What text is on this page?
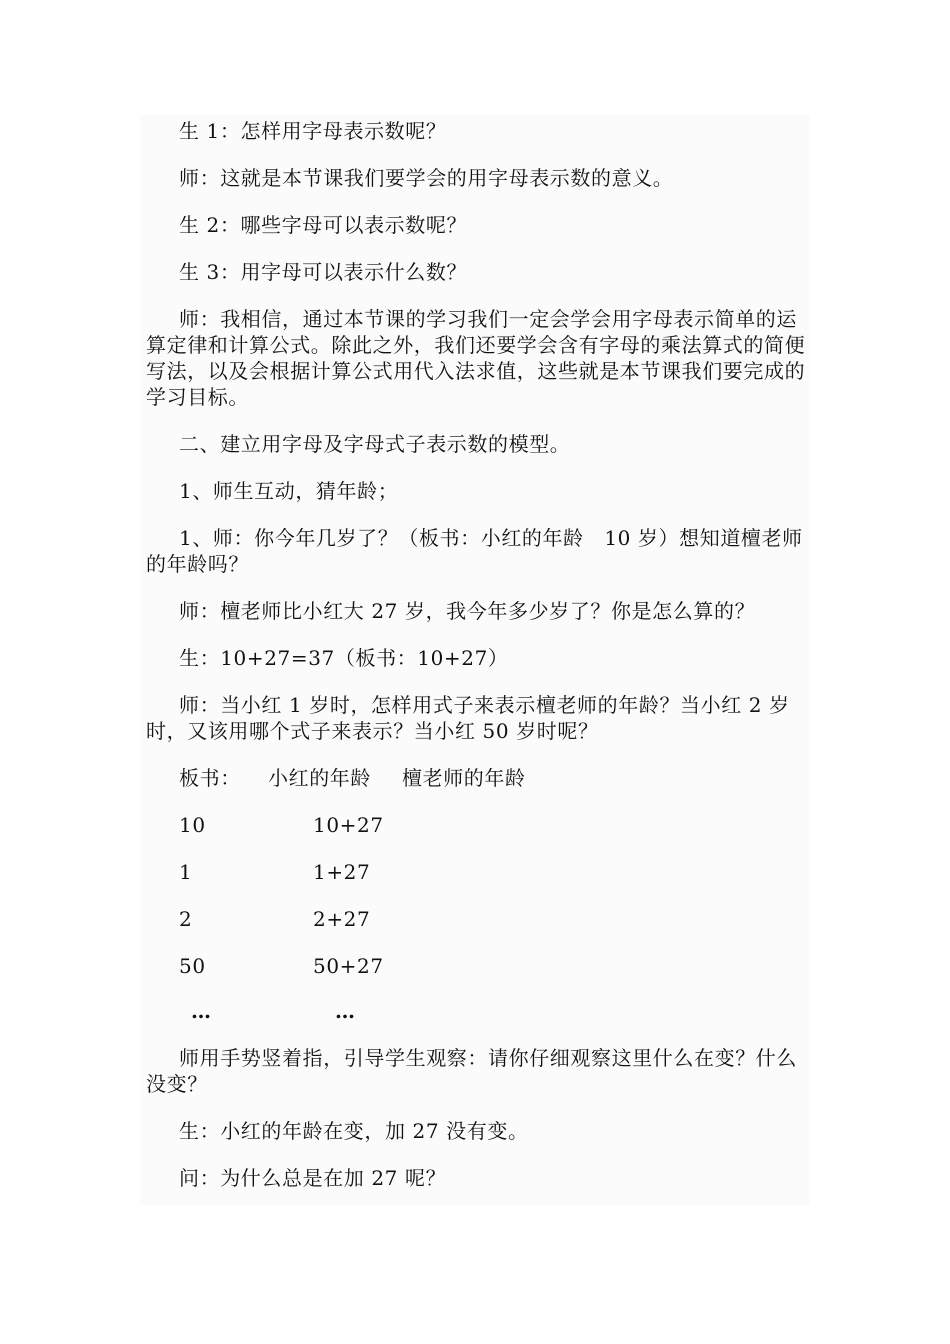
生 1：怎样用字母表示数呢？

师：这就是本节课我们要学会的用字母表示数的意义。

生 2：哪些字母可以表示数呢？

生 3：用字母可以表示什么数？

师：我相信，通过本节课的学习我们一定会学会用字母表示简单的运算定律和计算公式。除此之外，我们还要学会含有字母的乘法算式的简便写法，以及会根据计算公式用代入法求值，这些就是本节课我们要完成的学习目标。

二、建立用字母及字母式子表示数的模型。

1、师生互动，猜年龄；

1、师：你今年几岁了？（板书：小红的年龄　10 岁）想知道檀老师的年龄吗？

师：檀老师比小红大 27 岁，我今年多少岁了？你是怎么算的？

生：10+27=37（板书：10+27）

师：当小红 1 岁时，怎样用式子来表示檀老师的年龄？当小红 2 岁时，又该用哪个式子来表示？当小红 50 岁时呢？

板书：	小红的年龄	檀老师的年龄
10	10+27
1	1+27
2	2+27
50	50+27
…	…

师用手势竖着指，引导学生观察：请你仔细观察这里什么在变？什么没变？

生：小红的年龄在变，加 27 没有变。

问：为什么总是在加 27 呢？
